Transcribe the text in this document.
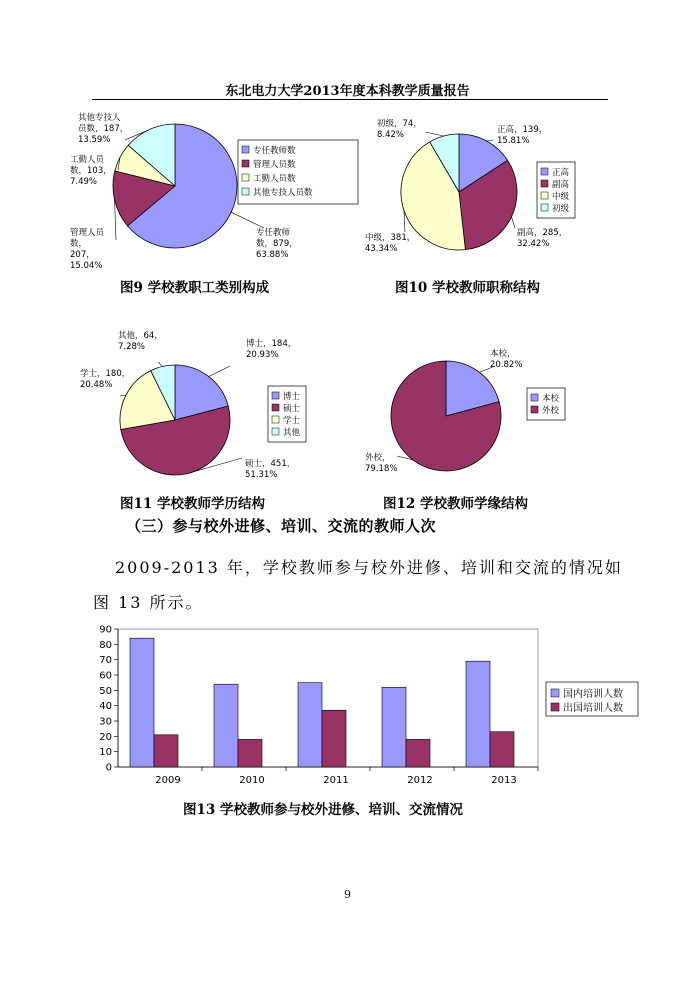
东北电力大学2013年度本科教学质量报告
专任教师数，879， 63.88%
管理人员数， 207， 15.04%
工勤人员数，103， 7.49%
其他专技人员数，187， 13.59%
专任教师数
管理人员数
工勤人员数
其他专技人员数
图9 学校教职工类别构成
正高，139， 15.81%
副高，285， 32.42%
中级，381， 43.34%
初级，74， 8.42%
正高
副高
中级
初级
图10 学校教师职称结构
博士，184， 20.93%
硕士，451， 51.31%
学士，180， 20.48%
其他，64， 7.28%
博士
硕士
学士
其他
图11 学校教师学历结构
本校， 20.82%
外校， 79.18%
本校
外校
图12 学校教师学缘结构
（三）参与校外进修、培训、交流的教师人次
2009-2013 年，学校教师参与校外进修、培训和交流的情况如
图 13 所示。
0
10
20
30
40
50
60
70
80
90
2009	2010	2011	2012	2013
国内培训人数
出国培训人数
图13 学校教师参与校外进修、培训、交流情况
9
